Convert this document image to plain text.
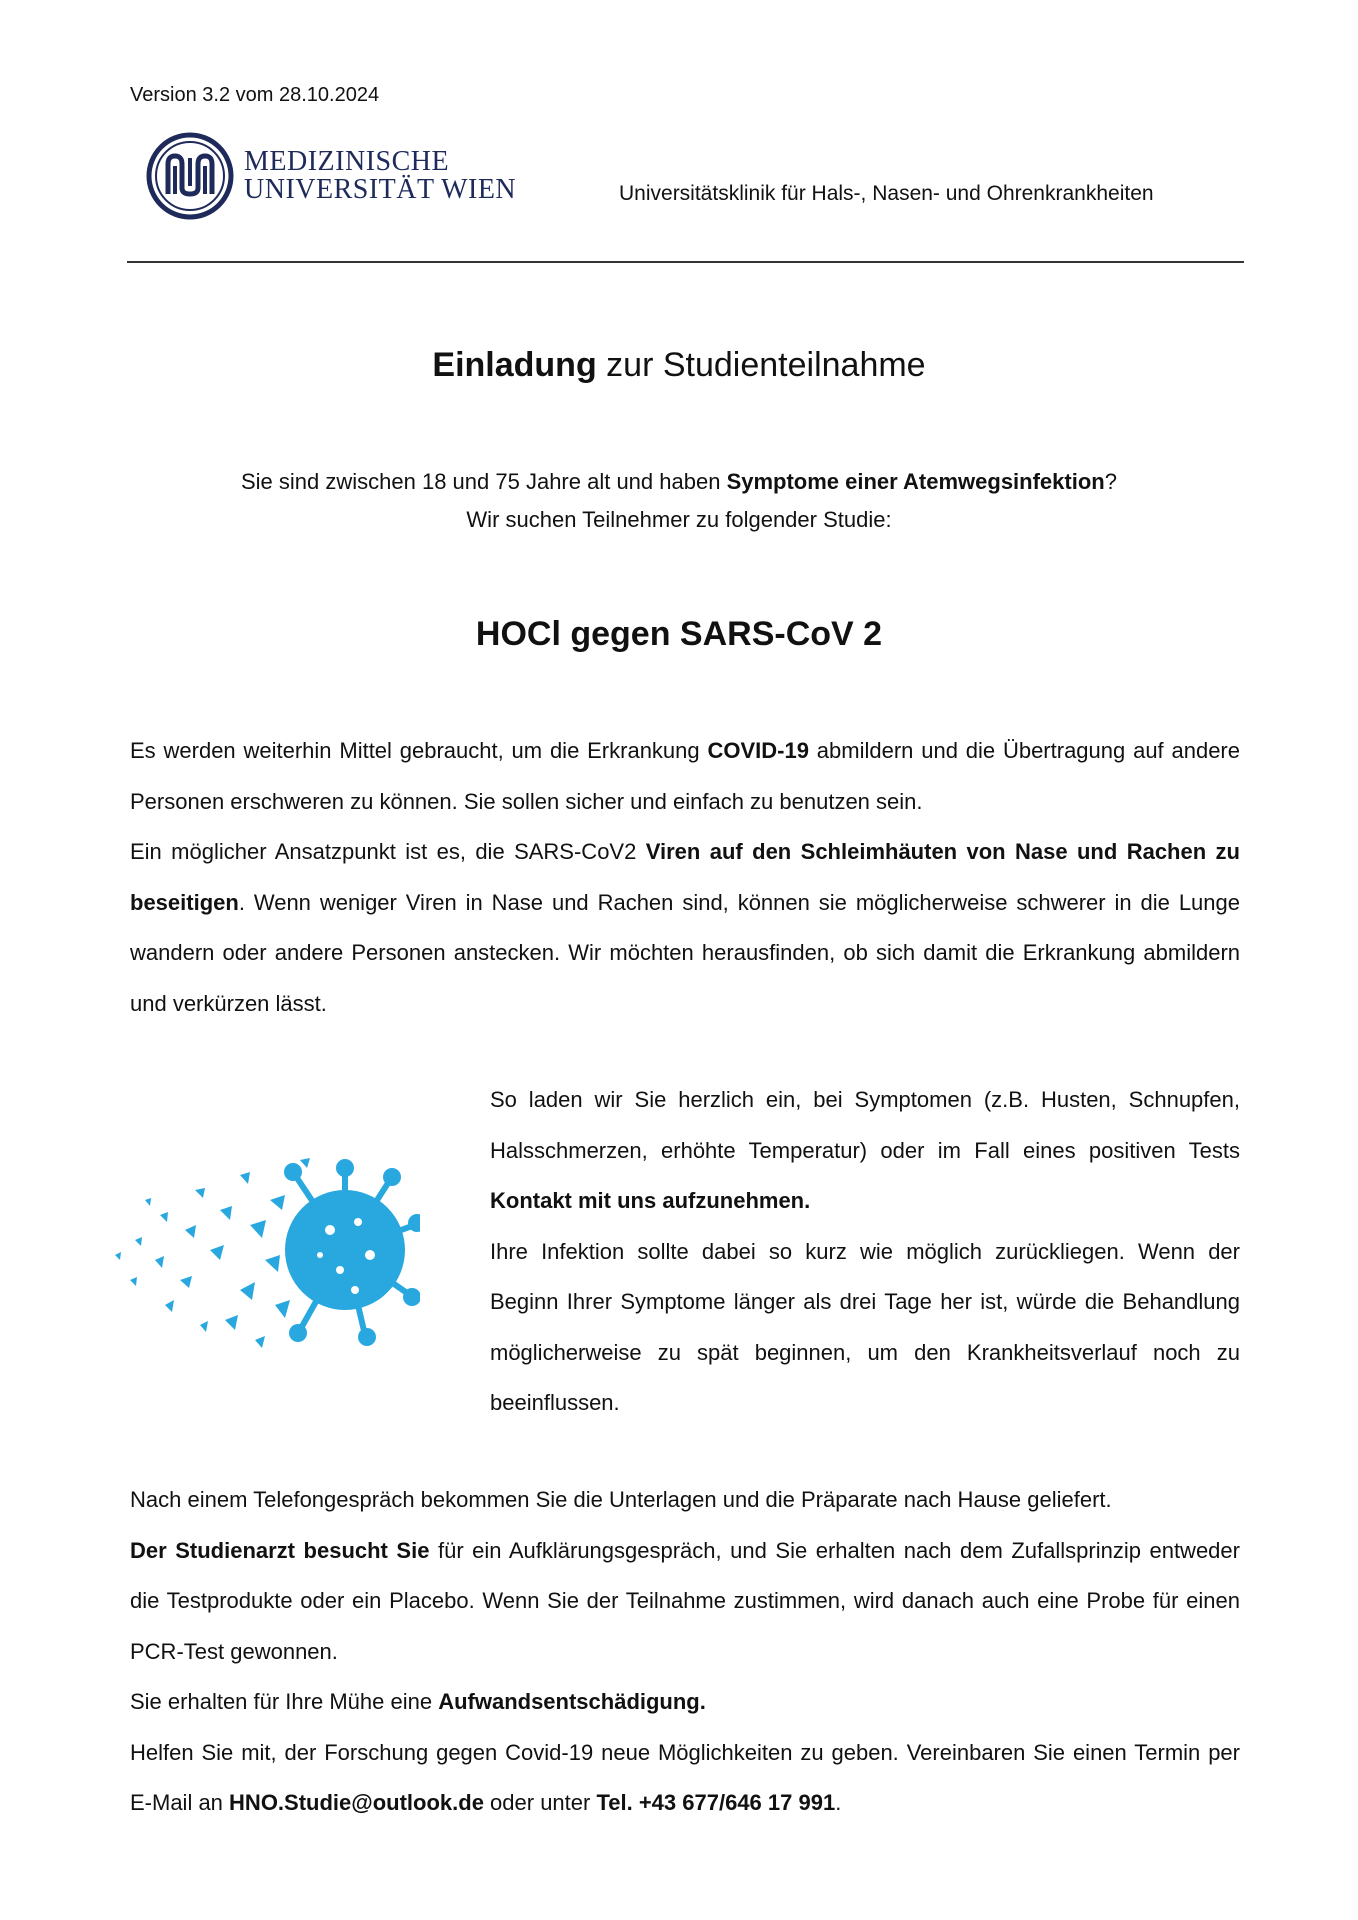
Version 3.2 vom 28.10.2024
MEDIZINISCHE
UNIVERSITÄT WIEN	Universitätsklinik für Hals-, Nasen- und Ohrenkrankheiten
Einladung zur Studienteilnahme
Sie sind zwischen 18 und 75 Jahre alt und haben Symptome einer Atemwegsinfektion?
Wir suchen Teilnehmer zu folgender Studie:
HOCl gegen SARS-CoV 2
Es werden weiterhin Mittel gebraucht, um die Erkrankung COVID-19 abmildern und die Übertragung auf andere Personen erschweren zu können. Sie sollen sicher und einfach zu benutzen sein.
Ein möglicher Ansatzpunkt ist es, die SARS-CoV2 Viren auf den Schleimhäuten von Nase und Rachen zu beseitigen. Wenn weniger Viren in Nase und Rachen sind, können sie möglicherweise schwerer in die Lunge wandern oder andere Personen anstecken. Wir möchten herausfinden, ob sich damit die Erkrankung abmildern und verkürzen lässt.
So laden wir Sie herzlich ein, bei Symptomen (z.B. Husten, Schnupfen, Halsschmerzen, erhöhte Temperatur) oder im Fall eines positiven Tests Kontakt mit uns aufzunehmen.
Ihre Infektion sollte dabei so kurz wie möglich zurückliegen. Wenn der Beginn Ihrer Symptome länger als drei Tage her ist, würde die Behandlung möglicherweise zu spät beginnen, um den Krankheitsverlauf noch zu beeinflussen.
Nach einem Telefongespräch bekommen Sie die Unterlagen und die Präparate nach Hause geliefert.
Der Studienarzt besucht Sie für ein Aufklärungsgespräch, und Sie erhalten nach dem Zufallsprinzip entweder die Testprodukte oder ein Placebo. Wenn Sie der Teilnahme zustimmen, wird danach auch eine Probe für einen PCR-Test gewonnen.
Sie erhalten für Ihre Mühe eine Aufwandsentschädigung.
Helfen Sie mit, der Forschung gegen Covid-19 neue Möglichkeiten zu geben. Vereinbaren Sie einen Termin per E-Mail an HNO.Studie@outlook.de oder unter Tel. +43 677/646 17 991.
